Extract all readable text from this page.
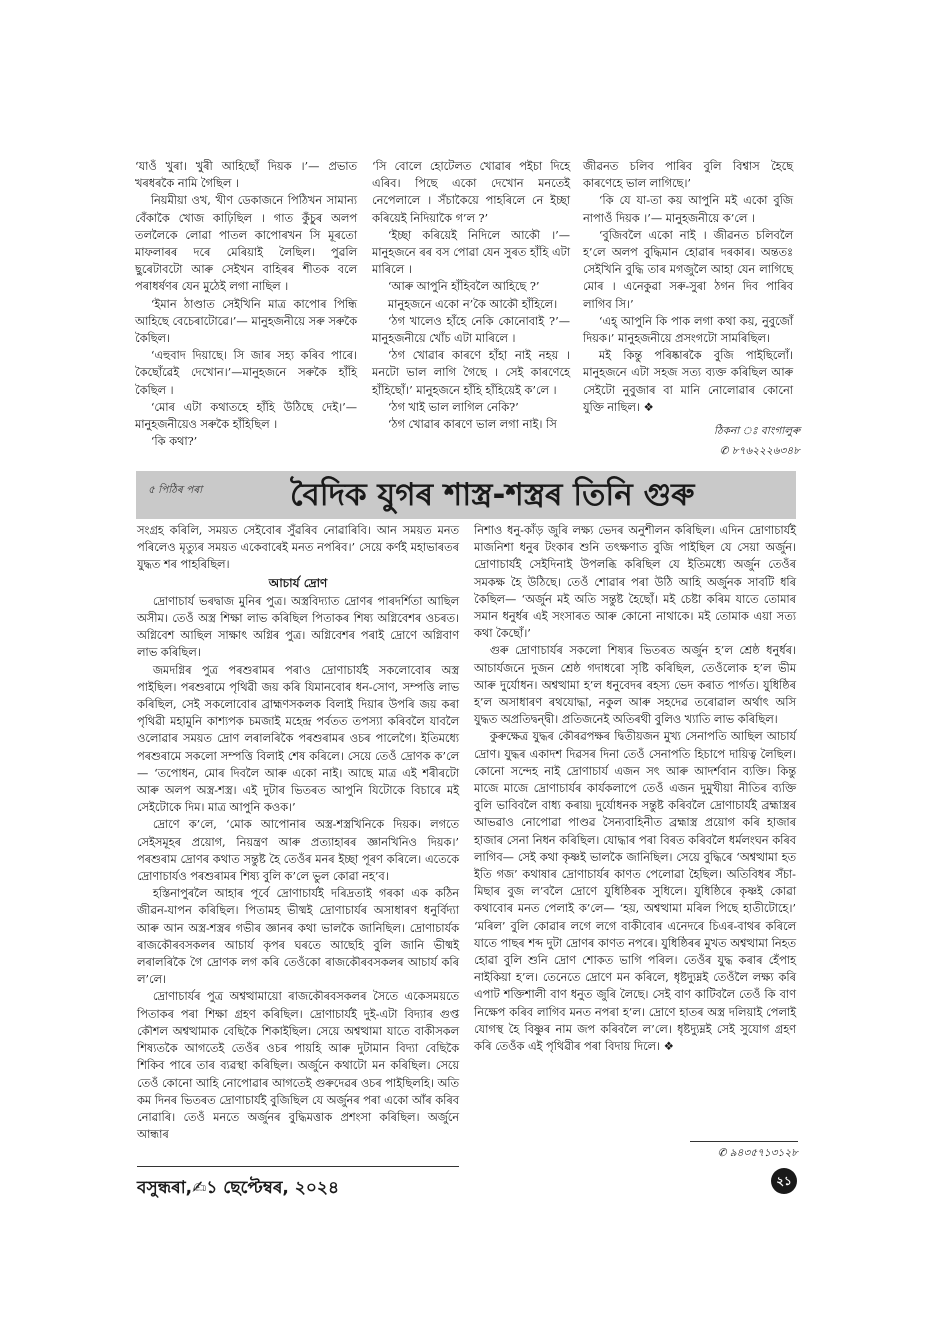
‘যাওঁ খুৰা। খুৰী আহিছোঁ দিয়ক ।’— প্ৰভাত খৰধৰকৈ নামি গৈছিল ।

নিয়মীয়া ওখ, খীণ ডেকাজনে পিঠিখন সামান্য বেঁকাকৈ খোজ কাঢ়িছিল । গাত কুঁচুৰ অলপ তললৈকে লোৱা পাতল কাপোৰখন সি মূৰতো মাফলাৰৰ দৰে মেৰিয়াই লৈছিল। পুৱলি ছুৰেটাবটো আৰু সেইখন বাহিৰৰ শীতক বলে পৰাধৰ্ষণৰ যেন মুঠেই লগা নাছিল ।

‘ইমান ঠাণ্ডাত সেইখিনি মাত্ৰ কাপোৰ পিন্ধি আহিছে বেচেৰাটোৱে।’— মানুহজনীয়ে সৰু সৰুকৈ কৈছিল।

‘এহুবাদ দিয়াছে। সি জাৰ সহ্য কৰিব পাৰে। কৈছোঁৱেই দেখোন।’—মানুহজনে সৰুকৈ হাঁহি কৈছিল ।

‘মোৰ এটা কথাতহে হাঁহি উঠিছে দেই।’— মানুহজনীয়েও সৰুকৈ হাঁহিছিল ।

‘কি কথা?’

‘সি বোলে হোটেলত খোৱাৰ পইচা দিহে এৰিব। পিছে একো দেখোন মনতেই নেপেলালে । সঁচাকৈয়ে পাহৰিলে নে ইচ্ছা কৰিয়েই নিদিয়াকৈ গ’ল ?’

‘ইচ্ছা কৰিয়েই নিদিলে আকৌ ।’— মানুহজনে ৰৰ বস পোৱা যেন সুৰত হাঁহি এটা মাৰিলে ।

‘আৰু আপুনি হাঁহিবলৈ আহিছে ?’

মানুহজনে একো ন’কৈ আকৌ হাঁহিলে।

‘ঠগ খালেও হাঁহে নেকি কোনোবাই ?’— মানুহজনীয়ে খোঁচ এটা মাৰিলে ।

‘ঠগ খোৱাৰ কাৰণে হাঁহা নাই নহয় । মনটো ভাল লাগি গৈছে । সেই কাৰণেহে হাঁহিছোঁ।’ মানুহজনে হাঁহি হাঁহিয়েই ক’লে ।

‘ঠগ খাই ভাল লাগিল নেকি?’

‘ঠগ খোৱাৰ কাৰণে ভাল লগা নাই। সি

জীৱনত চলিব পাৰিব বুলি বিশ্বাস হৈছে কাৰণেহে ভাল লাগিছে।’

‘কি যে যা-তা কয় আপুনি মই একো বুজি নাপাওঁ দিয়ক ।’— মানুহজনীয়ে ক’লে ।

‘বুজিবলৈ একো নাই । জীৱনত চলিবলৈ হ’লে অলপ বুদ্ধিমান হোৱাৰ দৰকাৰ। অন্ততঃ সেইখিনি বুদ্ধি তাৰ মগজুলৈ আহা যেন লাগিছে মোৰ । এনেকুৱা সৰু-সুৰা ঠগন দিব পাৰিব লাগিব সি।’

‘এহ্ আপুনি কি পাক লগা কথা কয়, নুবুজোঁ দিয়ক।’ মানুহজনীয়ে প্ৰসংগটো সামৰিছিল।

মই কিন্তু পৰিষ্কাৰকৈ বুজি পাইছিলোঁ। মানুহজনে এটা সহজ সত্য ব্যক্ত কৰিছিল আৰু সেইটো নুবুজাৰ বা মানি নোলোৱাৰ কোনো যুক্তি নাছিল। ❖

ঠিকনা ঃ বাংগালুৰু
✆ ৮৭৬২২২৬৩৪৮
৫ পিঠিৰ পৰা	বৈদিক যুগৰ শাস্ত্ৰ-শস্ত্ৰৰ তিনি গুৰু

সংগ্ৰহ কৰিলি, সময়ত সেইবোৰ সুঁৱৰিব নোৱাৰিবি। আন সময়ত মনত পৰিলেও মৃত্যুৰ সময়ত একেবাৰেই মনত নপৰিব।’ সেয়ে কৰ্ণই মহাভাৰতৰ যুদ্ধত শৰ পাহৰিছিল।

আচাৰ্য দ্ৰোণ

দ্ৰোণাচাৰ্য ভৰদ্বাজ মুনিৰ পুত্ৰ। অস্ত্ৰবিদ্যাত দ্ৰোণৰ পাৰদৰ্শিতা আছিল অসীম। তেওঁ অস্ত্ৰ শিক্ষা লাভ কৰিছিল পিতাকৰ শিষ্য অগ্নিবেশৰ ওচৰত। অগ্নিবেশ আছিল সাক্ষাৎ অগ্নিৰ পুত্ৰ। অগ্নিবেশৰ পৰাই দ্ৰোণে অগ্নিবাণ লাভ কৰিছিল।

জমদগ্নিৰ পুত্ৰ পৰশুৰামৰ পৰাও দ্ৰোণাচাৰ্যই সকলোবোৰ অস্ত্ৰ পাইছিল। পৰশুৰামে পৃথিৱী জয় কৰি যিমানবোৰ ধন-সোণ, সম্পত্তি লাভ কৰিছিল, সেই সকলোবোৰ ব্ৰাহ্মণসকলক বিলাই দিয়াৰ উপৰি জয় কৰা পৃথিৱী মহামুনি কাশ্যপক চমজাই মহেন্দ্ৰ পৰ্বতত তপস্যা কৰিবলৈ যাবলৈ ওলোৱাৰ সময়ত দ্ৰোণ লৰালৰিকৈ পৰশুৰামৰ ওচৰ পালেগৈ। ইতিমধ্যে পৰশুৰামে সকলো সম্পত্তি বিলাই শেষ কৰিলে। সেয়ে তেওঁ দ্ৰোণক ক’লে— ‘তপোধন, মোৰ দিবলৈ আৰু একো নাই। আছে মাত্ৰ এই শৰীৰটো আৰু অলপ অস্ত্ৰ-শস্ত্ৰ। এই দুটাৰ ভিতৰত আপুনি যিটোকে বিচাৰে মই সেইটোকে দিম। মাত্ৰ আপুনি কওক।’

দ্ৰোণে ক’লে, ‘মোক আপোনাৰ অস্ত্ৰ-শস্ত্ৰখিনিকে দিয়ক। লগতে সেইসমূহৰ প্ৰয়োগ, নিয়ন্ত্ৰণ আৰু প্ৰত্যাহাৰৰ জ্ঞানখিনিও দিয়ক।’ পৰশুৰাম দ্ৰোণৰ কথাত সন্তুষ্ট হৈ তেওঁৰ মনৰ ইচ্ছা পূৰণ কৰিলে। এতেকে দ্ৰোণাচাৰ্যও পৰশুৰামৰ শিষ্য বুলি ক’লে ভুল কোৱা নহ’ব।

হস্তিনাপুৰলৈ আহাৰ পূৰ্বে দ্ৰোণাচাৰ্যই দৰিদ্ৰতাই গৰকা এক কঠিন জীৱন-যাপন কৰিছিল। পিতামহ ভীষ্মই দ্ৰোণাচাৰ্যৰ অসাধাৰণ ধনুৰ্বিদ্যা আৰু আন অস্ত্ৰ-শস্ত্ৰৰ গভীৰ জ্ঞানৰ কথা ভালকৈ জানিছিল। দ্ৰোণাচাৰ্যক ৰাজকৌৰবসকলৰ আচাৰ্য কৃপৰ ঘৰতে আছেহি বুলি জানি ভীষ্মই লৰালৰিকৈ গৈ দ্ৰোণক লগ কৰি তেওঁকো ৰাজকৌৰবসকলৰ আচাৰ্য কৰি ল’লে।

দ্ৰোণাচাৰ্যৰ পুত্ৰ অশ্বত্থামায়ো ৰাজকৌৰবসকলৰ সৈতে একেসময়তে পিতাকৰ পৰা শিক্ষা গ্ৰহণ কৰিছিল। দ্ৰোণাচাৰ্যই দুই-এটা বিদ্যাৰ গুপ্ত কৌশল অশ্বত্থামাক বেছিকৈ শিকাইছিল। সেয়ে অশ্বত্থামা যাতে বাকীসকল শিষ্যতকৈ আগতেই তেওঁৰ ওচৰ পায়হি আৰু দুটামান বিদ্যা বেছিকৈ শিকিব পাৰে তাৰ ব্যৱস্থা কৰিছিল। অৰ্জুনে কথাটো মন কৰিছিল। সেয়ে তেওঁ কোনো আহি নোপোৱাৰ আগতেই গুৰুদেৱৰ ওচৰ পাইছিলহি। অতি কম দিনৰ ভিতৰত দ্ৰোণাচাৰ্যই বুজিছিল যে অৰ্জুনৰ পৰা একো আঁৰ কৰিব নোৱাৰি। তেওঁ মনতে অৰ্জুনৰ বুদ্ধিমত্তাক প্ৰশংসা কৰিছিল। অৰ্জুনে আন্ধাৰ

নিশাও ধনু-কাঁড় জুৰি লক্ষ্য ভেদৰ অনুশীলন কৰিছিল। এদিন দ্ৰোণাচাৰ্যই মাজনিশা ধনুৰ টংকাৰ শুনি তৎক্ষণাত বুজি পাইছিল যে সেয়া অৰ্জুন। দ্ৰোণাচাৰ্যই সেইদিনাই উপলব্ধি কৰিছিল যে ইতিমধ্যে অৰ্জুন তেওঁৰ সমকক্ষ হৈ উঠিছে। তেওঁ শোৱাৰ পৰা উঠি আহি অৰ্জুনক সাবটি ধৰি কৈছিল— ‘অৰ্জুন মই অতি সন্তুষ্ট হৈছোঁ। মই চেষ্টা কৰিম যাতে তোমাৰ সমান ধনুৰ্ধৰ এই সংসাৰত আৰু কোনো নাথাকে। মই তোমাক এয়া সত্য কথা কৈছোঁ।’

গুৰু দ্ৰোণাচাৰ্যৰ সকলো শিষ্যৰ ভিতৰত অৰ্জুন হ’ল শ্ৰেষ্ঠ ধনুৰ্ধৰ। আচাৰ্যজনে দুজন শ্ৰেষ্ঠ গদাধৰো সৃষ্টি কৰিছিল, তেওঁলোক হ’ল ভীম আৰু দুৰ্যোধন। অশ্বত্থামা হ’ল ধনুবেদৰ ৰহস্য ভেদ কৰাত পাৰ্গত। যুধিষ্ঠিৰ হ’ল অসাধাৰণ ৰথযোদ্ধা, নকুল আৰু সহদেৱ তৰোৱাল অৰ্থাৎ অসি যুদ্ধত অপ্ৰতিদ্বন্দ্বী। প্ৰতিজনেই অতিৰথী বুলিও খ্যাতি লাভ কৰিছিল।

কুৰুক্ষেত্ৰ যুদ্ধৰ কৌৰৱপক্ষৰ দ্বিতীয়জন মুখ্য সেনাপতি আছিল আচাৰ্য দ্ৰোণ। যুদ্ধৰ একাদশ দিৱসৰ দিনা তেওঁ সেনাপতি হিচাপে দায়িত্ব লৈছিল। কোনো সন্দেহ নাই দ্ৰোণাচাৰ্য এজন সৎ আৰু আদৰ্শবান ব্যক্তি। কিন্তু মাজে মাজে দ্ৰোণাচাৰ্যৰ কাৰ্যকলাপে তেওঁ এজন দুমুখীয়া নীতিৰ ব্যক্তি বুলি ভাবিবলৈ বাধ্য কৰায়৷ দুৰ্যোধনক সন্তুষ্ট কৰিবলৈ দ্ৰোণাচাৰ্যই ব্ৰহ্মাস্ত্ৰৰ আভৱাও নোপোৱা পাণ্ডৱ সৈন্যবাহিনীত ব্ৰহ্মাস্ত্ৰ প্ৰয়োগ কৰি হাজাৰ হাজাৰ সেনা নিধন কৰিছিল। যোদ্ধাৰ পৰা বিৰত কৰিবলৈ ধৰ্মলংঘন কৰিব লাগিব— সেই কথা কৃষ্ণই ভালকৈ জানিছিল। সেয়ে বুদ্ধিৰে ‘অশ্বত্থামা হত ইতি গজ’ কথাষাৰ দ্ৰোণাচাৰ্যৰ কাণত পেলোৱা হৈছিল। অতিবিধৰ সঁচা-মিছাৰ বুজ ল’বলৈ দ্ৰোণে যুধিষ্ঠিৰক সুধিলে। যুধিষ্ঠিৰে কৃষ্ণই কোৱা কথাবোৰ মনত পেলাই ক’লে— ‘হয়, অশ্বত্থামা মৰিল পিছে হাতীটোহে।’ ‘মৰিল’ বুলি কোৱাৰ লগে লগে বাকীবোৰ এনেদৰে চিএৰ-বাথৰ কৰিলে যাতে পাছৰ শব্দ দুটা দ্ৰোণৰ কাণত নপৰে। যুধিষ্ঠিৰৰ মুখত অশ্বত্থামা নিহত হোৱা বুলি শুনি দ্ৰোণ শোকত ভাগি পৰিল। তেওঁৰ যুদ্ধ কৰাৰ হেঁপাহ নাইকিয়া হ’ল। তেনেতে দ্ৰোণে মন কৰিলে, ধৃষ্টদ্যুম্নই তেওঁলৈ লক্ষ্য কৰি এপাট শক্তিশালী বাণ ধনুত জুৰি লৈছে। সেই বাণ কাটিবলৈ তেওঁ কি বাণ নিক্ষেপ কৰিব লাগিব মনত নপৰা হ’ল। দ্ৰোণে হাতৰ অস্ত্ৰ দলিয়াই পেলাই যোগস্থ হৈ বিষ্ণুৰ নাম জপ কৰিবলৈ ল’লে। ধৃষ্টদ্যুম্নই সেই সুযোগ গ্ৰহণ কৰি তেওঁক এই পৃথিৱীৰ পৰা বিদায় দিলে। ❖

✆ ৯৪৩৫৭১৩১২৮
বসুন্ধৰা,✍১ ছেপ্টেম্বৰ, ২০২৪	২১
